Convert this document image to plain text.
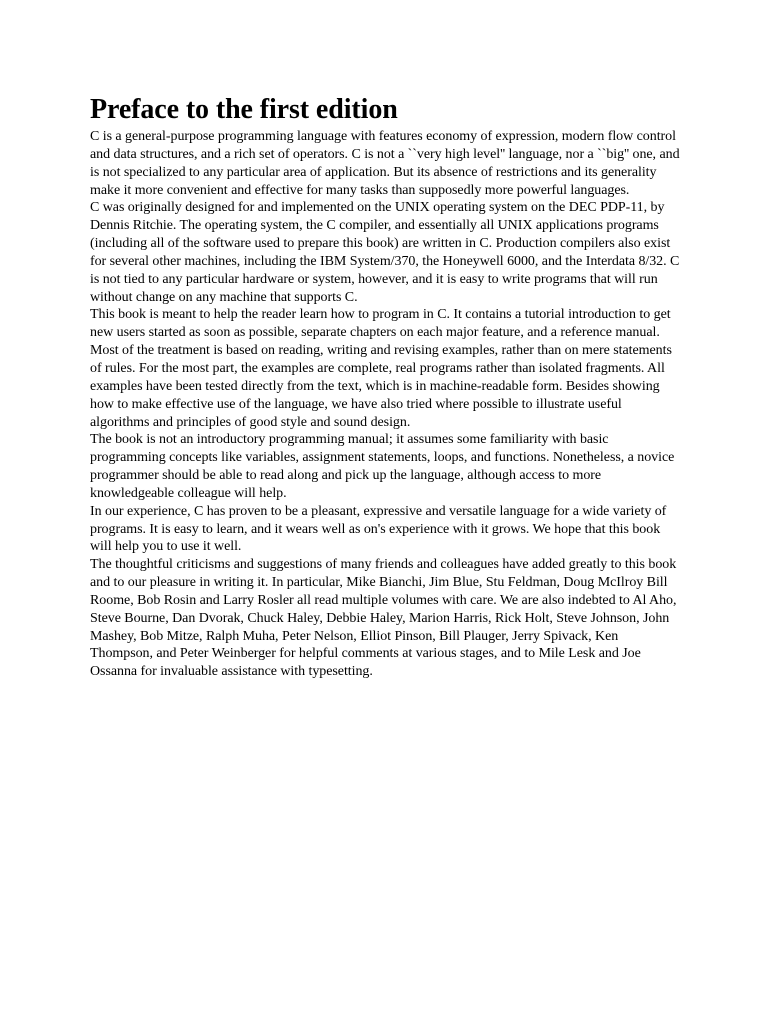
Preface to the first edition

C is a general-purpose programming language with features economy of expression, modern flow control and data structures, and a rich set of operators. C is not a ``very high level'' language, nor a ``big'' one, and is not specialized to any particular area of application. But its absence of restrictions and its generality make it more convenient and effective for many tasks than supposedly more powerful languages.

C was originally designed for and implemented on the UNIX operating system on the DEC PDP-11, by Dennis Ritchie. The operating system, the C compiler, and essentially all UNIX applications programs (including all of the software used to prepare this book) are written in C. Production compilers also exist for several other machines, including the IBM System/370, the Honeywell 6000, and the Interdata 8/32. C is not tied to any particular hardware or system, however, and it is easy to write programs that will run without change on any machine that supports C.

This book is meant to help the reader learn how to program in C. It contains a tutorial introduction to get new users started as soon as possible, separate chapters on each major feature, and a reference manual. Most of the treatment is based on reading, writing and revising examples, rather than on mere statements of rules. For the most part, the examples are complete, real programs rather than isolated fragments. All examples have been tested directly from the text, which is in machine-readable form. Besides showing how to make effective use of the language, we have also tried where possible to illustrate useful algorithms and principles of good style and sound design.

The book is not an introductory programming manual; it assumes some familiarity with basic programming concepts like variables, assignment statements, loops, and functions. Nonetheless, a novice programmer should be able to read along and pick up the language, although access to more knowledgeable colleague will help.

In our experience, C has proven to be a pleasant, expressive and versatile language for a wide variety of programs. It is easy to learn, and it wears well as on's experience with it grows. We hope that this book will help you to use it well.

The thoughtful criticisms and suggestions of many friends and colleagues have added greatly to this book and to our pleasure in writing it. In particular, Mike Bianchi, Jim Blue, Stu Feldman, Doug McIlroy Bill Roome, Bob Rosin and Larry Rosler all read multiple volumes with care. We are also indebted to Al Aho, Steve Bourne, Dan Dvorak, Chuck Haley, Debbie Haley, Marion Harris, Rick Holt, Steve Johnson, John Mashey, Bob Mitze, Ralph Muha, Peter Nelson, Elliot Pinson, Bill Plauger, Jerry Spivack, Ken Thompson, and Peter Weinberger for helpful comments at various stages, and to Mile Lesk and Joe Ossanna for invaluable assistance with typesetting.
